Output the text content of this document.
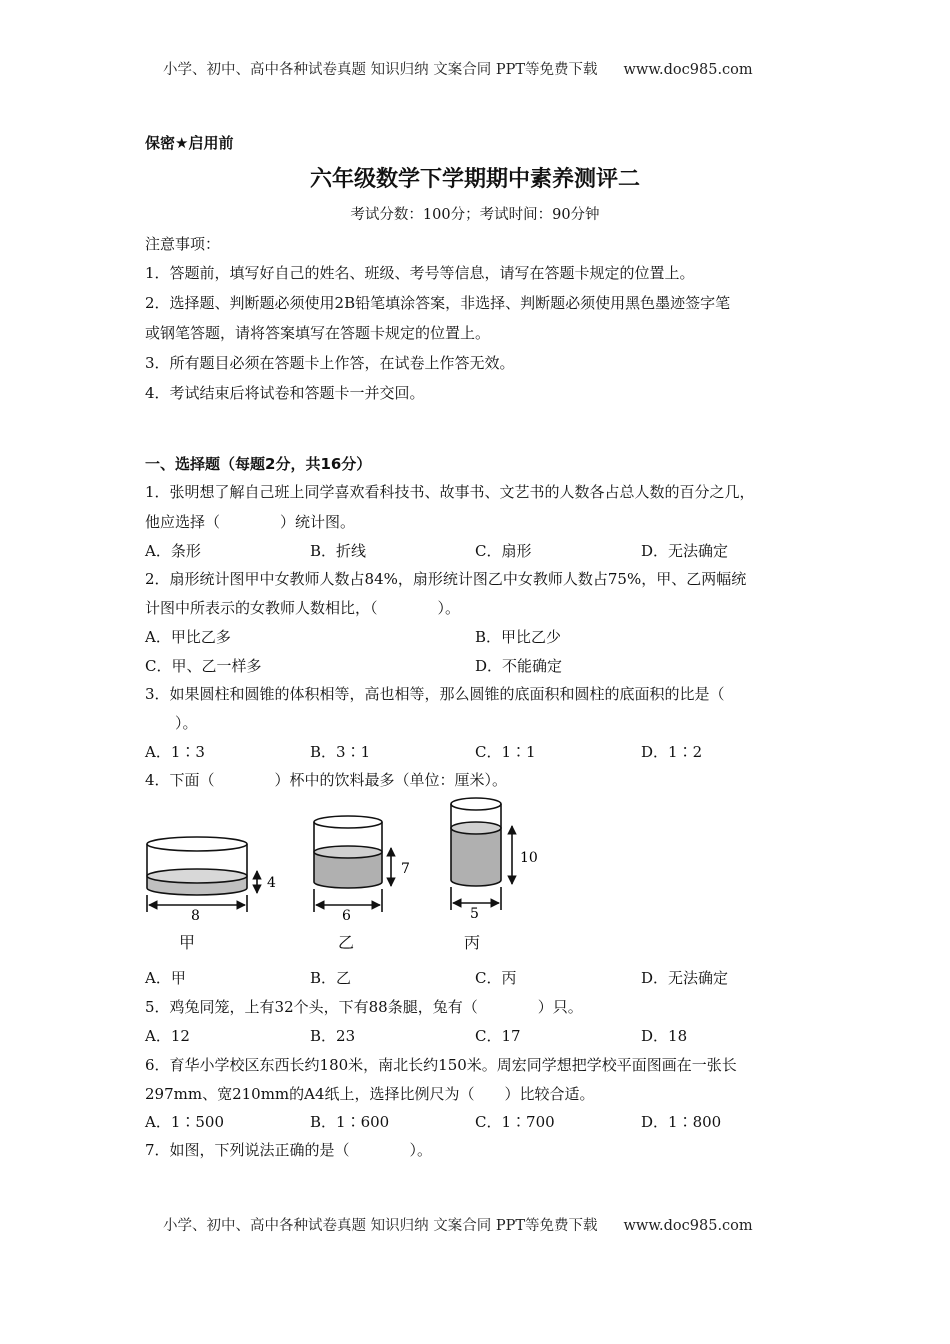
小学、初中、高中各种试卷真题 知识归纳 文案合同 PPT等免费下载 www.doc985.com
保密★启用前
六年级数学下学期期中素养测评二
考试分数：100分；考试时间：90分钟
注意事项：
1．答题前，填写好自己的姓名、班级、考号等信息，请写在答题卡规定的位置上。
2．选择题、判断题必须使用2B铅笔填涂答案，非选择、判断题必须使用黑色墨迹签字笔
或钢笔答题，请将答案填写在答题卡规定的位置上。
3．所有题目必须在答题卡上作答，在试卷上作答无效。
4．考试结束后将试卷和答题卡一并交回。
一、选择题（每题2分，共16分）
1．张明想了解自己班上同学喜欢看科技书、故事书、文艺书的人数各占总人数的百分之几，
他应选择（　　　　）统计图。
A．条形	B．折线	C．扇形	D．无法确定
2．扇形统计图甲中女教师人数占84%，扇形统计图乙中女教师人数占75%，甲、乙两幅统
计图中所表示的女教师人数相比，（　　　　）。
A．甲比乙多	B．甲比乙少
C．甲、乙一样多	D．不能确定
3．如果圆柱和圆锥的体积相等，高也相等，那么圆锥的底面积和圆柱的底面积的比是（
　　）。
A．1∶3	B．3∶1	C．1∶1	D．1∶2
4．下面（　　　　）杯中的饮料最多（单位：厘米）。
4
8
7
6
10
5
甲	乙	丙
A．甲	B．乙	C．丙	D．无法确定
5．鸡兔同笼，上有32个头，下有88条腿，兔有（　　　　）只。
A．12	B．23	C．17	D．18
6．育华小学校区东西长约180米，南北长约150米。周宏同学想把学校平面图画在一张长
297mm、宽210mm的A4纸上，选择比例尺为（　　）比较合适。
A．1∶500	B．1∶600	C．1∶700	D．1∶800
7．如图，下列说法正确的是（　　　　）。
小学、初中、高中各种试卷真题 知识归纳 文案合同 PPT等免费下载 www.doc985.com
